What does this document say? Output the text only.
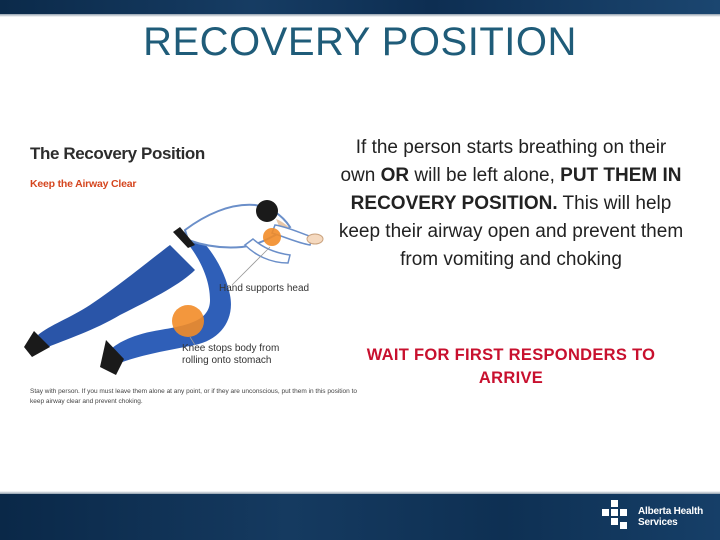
RECOVERY POSITION
The Recovery Position
Keep the Airway Clear
Hand supports head
Knee stops body from rolling onto stomach
Stay with person. If you must leave them alone at any point, or if they are unconscious, put them in this position to keep airway clear and prevent choking.
If the person starts breathing on their own OR will be left alone, PUT THEM IN RECOVERY POSITION. This will help keep their airway open and prevent them from vomiting and choking
WAIT FOR FIRST RESPONDERS TO ARRIVE
Alberta Health
Services
